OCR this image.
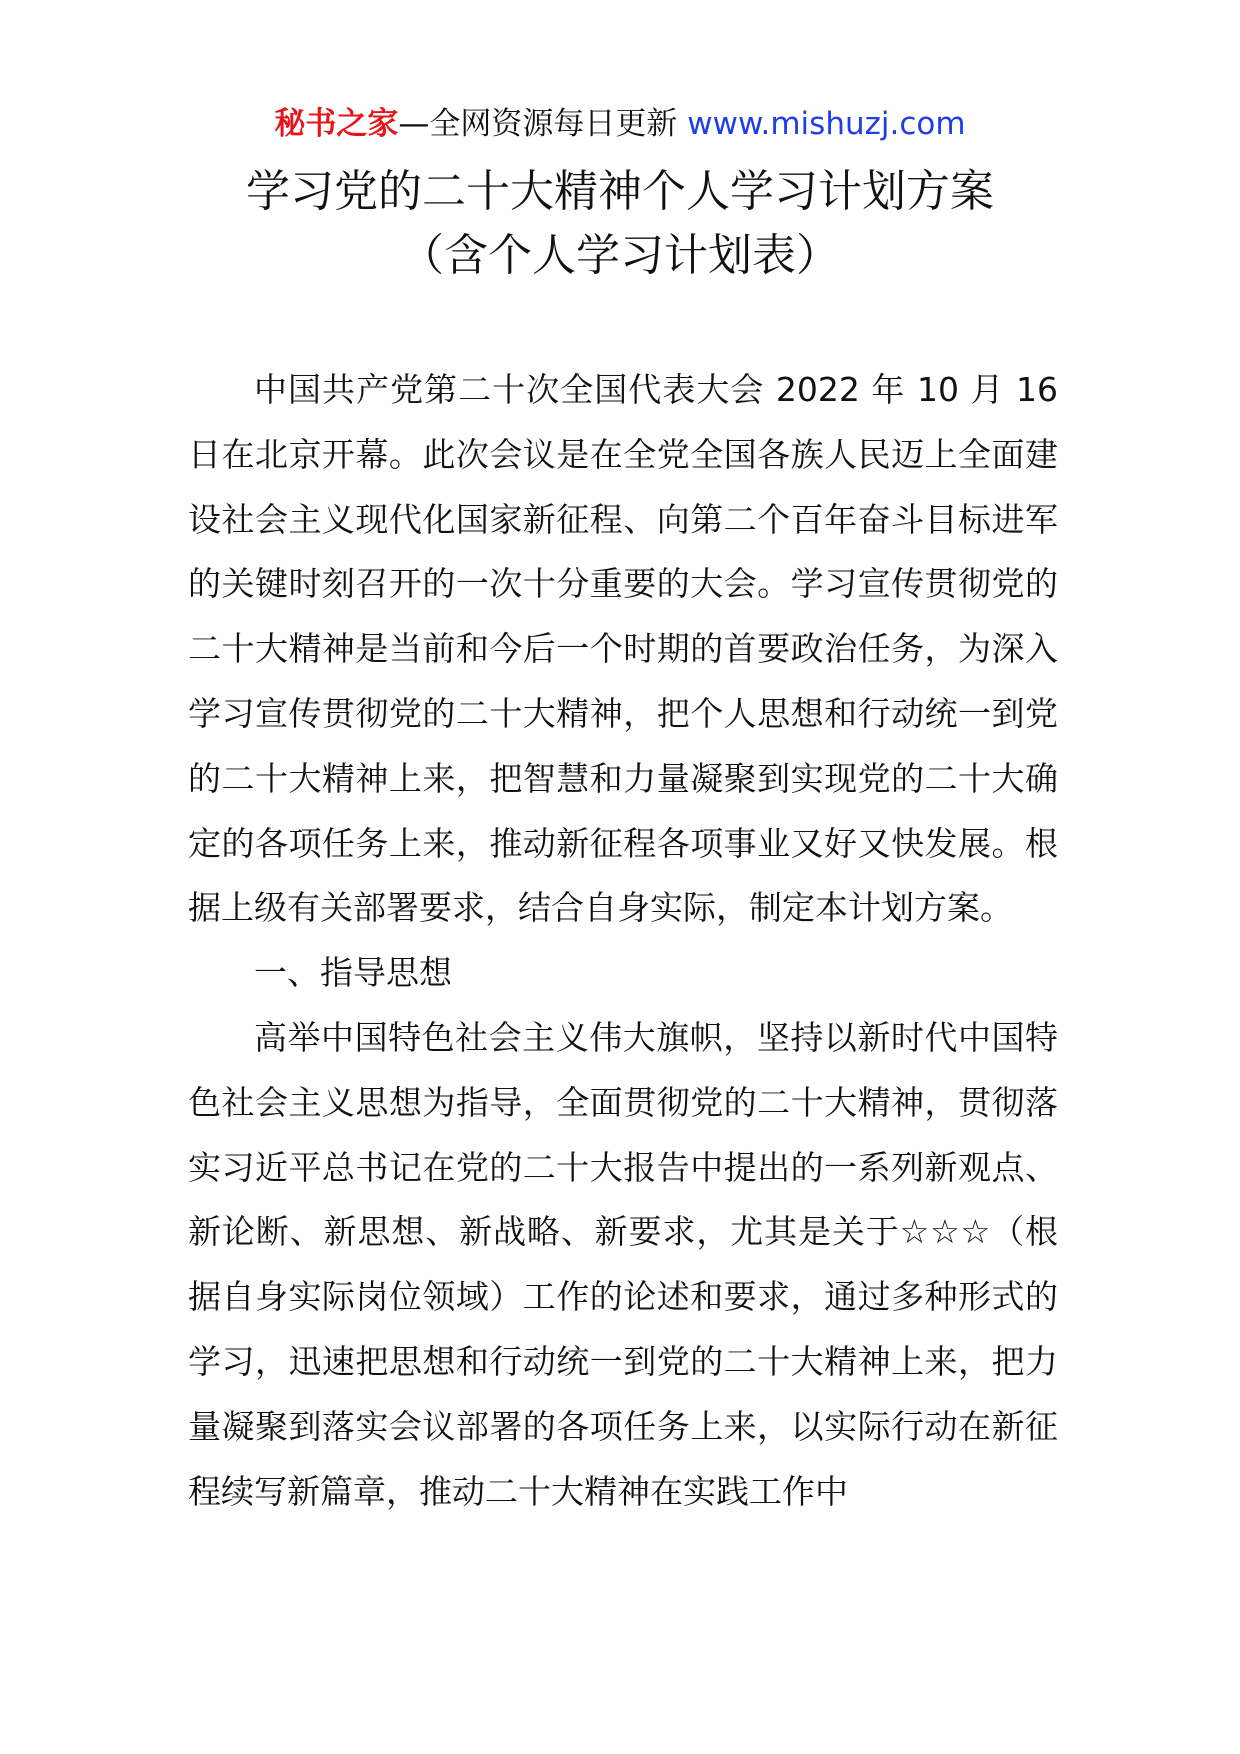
秘书之家—全网资源每日更新 www.mishuzj.com
学习党的二十大精神个人学习计划方案
（含个人学习计划表）

中国共产党第二十次全国代表大会 2022 年 10 月 16 日在北京开幕。此次会议是在全党全国各族人民迈上全面建设社会主义现代化国家新征程、向第二个百年奋斗目标进军的关键时刻召开的一次十分重要的大会。学习宣传贯彻党的二十大精神是当前和今后一个时期的首要政治任务，为深入学习宣传贯彻党的二十大精神，把个人思想和行动统一到党的二十大精神上来，把智慧和力量凝聚到实现党的二十大确定的各项任务上来，推动新征程各项事业又好又快发展。根据上级有关部署要求，结合自身实际，制定本计划方案。

一、指导思想

高举中国特色社会主义伟大旗帜，坚持以新时代中国特色社会主义思想为指导，全面贯彻党的二十大精神，贯彻落实习近平总书记在党的二十大报告中提出的一系列新观点、新论断、新思想、新战略、新要求，尤其是关于☆☆☆（根据自身实际岗位领域）工作的论述和要求，通过多种形式的学习，迅速把思想和行动统一到党的二十大精神上来，把力量凝聚到落实会议部署的各项任务上来，以实际行动在新征程续写新篇章，推动二十大精神在实践工作中
